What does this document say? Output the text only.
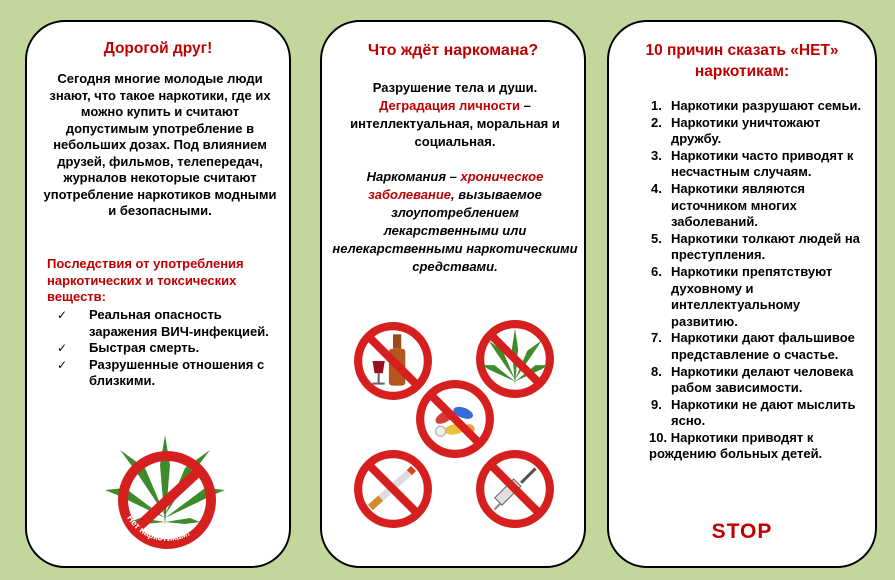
Дорогой друг!
Сегодня многие молодые люди знают, что такое наркотики, где их можно купить и считают допустимым употребление в небольших дозах. Под влиянием друзей, фильмов, телепередач, журналов некоторые считают употребление наркотиков модными и безопасными.
Последствия от употребления наркотических и токсических веществ:
✓ Реальная опасность заражения ВИЧ-инфекцией.
✓ Быстрая смерть.
✓ Разрушенные отношения с близкими.
Нет наркотикам!
Что ждёт наркомана?
Разрушение тела и души.
Деградация личности – интеллектуальная, моральная и социальная.
Наркомания – хроническое заболевание, вызываемое злоупотреблением лекарственными или нелекарственными наркотическими средствами.
10 причин сказать «НЕТ» наркотикам:
1. Наркотики разрушают семьи.
2. Наркотики уничтожают дружбу.
3. Наркотики часто приводят к несчастным случаям.
4. Наркотики являются источником многих заболеваний.
5. Наркотики толкают людей на преступления.
6. Наркотики препятствуют духовному и интеллектуальному развитию.
7. Наркотики дают фальшивое представление о счастье.
8. Наркотики делают человека рабом зависимости.
9. Наркотики не дают мыслить ясно.
10. Наркотики приводят к рождению больных детей.
STOP
